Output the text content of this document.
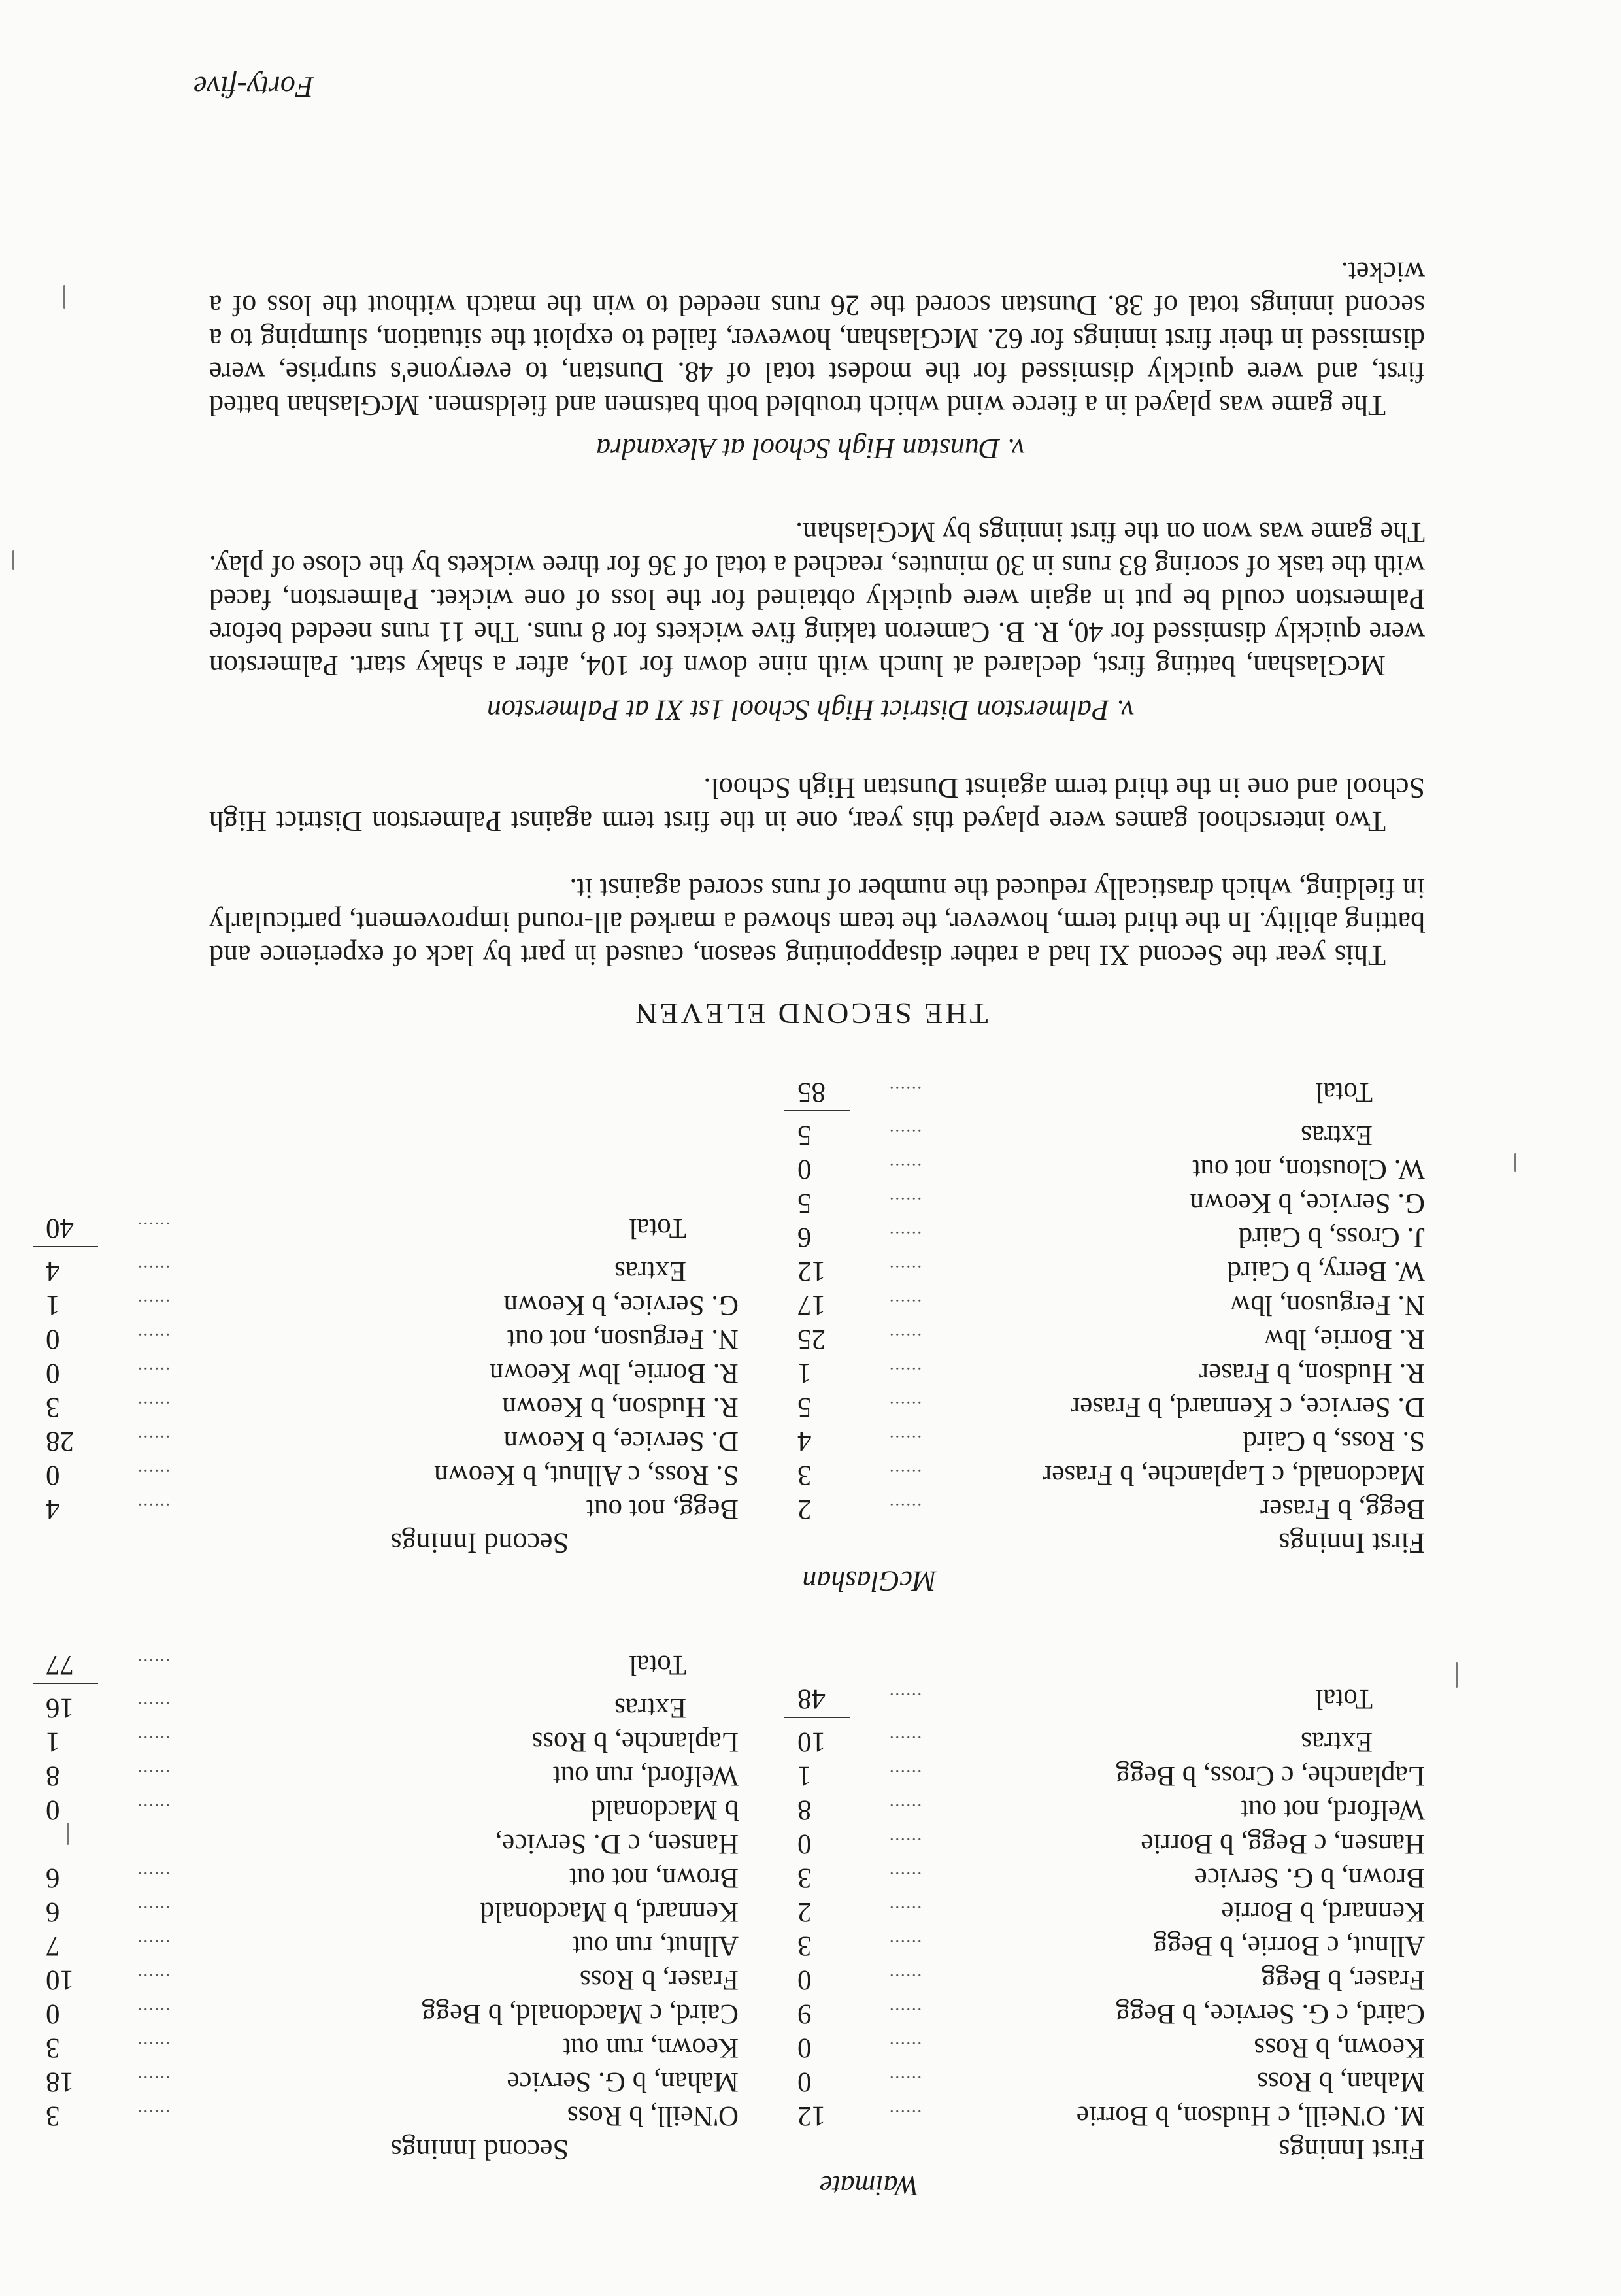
Waimate
First Innings
Second Innings
M. O'Neill, c Hudson, b Borrie
......
12
Mahan, b Ross
......
0
Keown, b Ross
......
0
Caird, c G. Service, b Begg
......
9
Fraser, b Begg
......
0
Allnut, c Borrie, b Begg
......
3
Kennard, b Borrie
......
2
Brown, b G. Service
......
3
Hansen, c Begg, b Borrie
......
0
Welford, not out
......
8
Laplanche, c Cross, b Begg
......
1
Extras
......
10
Total
......
48
O'Neill, b Ross
......
3
Mahan, b G. Service
......
18
Keown, run out
......
3
Caird, c Macdonald, b Begg
......
0
Fraser, b Ross
......
10
Allnut, run out
......
7
Kennard, b Macdonald
......
6
Brown, not out
......
6
Hansen, c D. Service,
b Macdonald
......
0
Welford, run out
......
8
Laplanche, b Ross
......
1
Extras
......
16
Total
......
77
McGlashan
First Innings
Second Innings
Begg, b Fraser
......
2
Macdonald, c Laplanche, b Fraser
......
3
S. Ross, b Caird
......
4
D. Service, c Kennard, b Fraser
......
5
R. Hudson, b Fraser
......
1
R. Borrie, lbw
......
25
N. Ferguson, lbw
......
17
W. Berry, b Caird
......
12
J. Cross, b Caird
......
6
G. Service, b Keown
......
5
W. Clouston, not out
......
0
Extras
......
5
Total
......
85
Begg, not out
......
4
S. Ross, c Allnut, b Keown
......
0
D. Service, b Keown
......
28
R. Hudson, b Keown
......
3
R. Borrie, lbw Keown
......
0
N. Ferguson, not out
......
0
G. Service, b Keown
......
1
Extras
......
4
Total
......
40
THE SECOND ELEVEN
This year the Second XI had a rather disappointing season, caused in part by lack of experience and batting ability. In the third term, however, the team showed a marked all-round improvement, particularly in fielding, which drastically reduced the number of runs scored against it.
Two interschool games were played this year, one in the first term against Palmerston District High School and one in the third term against Dunstan High School.
v. Palmerston District High School 1st XI at Palmerston
McGlashan, batting first, declared at lunch with nine down for 104, after a shaky start. Palmerston were quickly dismissed for 40, R. B. Cameron taking five wickets for 8 runs. The 11 runs needed before Palmerston could be put in again were quickly obtained for the loss of one wicket. Palmerston, faced with the task of scoring 83 runs in 30 minutes, reached a total of 36 for three wickets by the close of play. The game was won on the first innings by McGlashan.
v. Dunstan High School at Alexandra
The game was played in a fierce wind which troubled both batsmen and fieldsmen. McGlashan batted first, and were quickly dismissed for the modest total of 48. Dunstan, to everyone's surprise, were dismissed in their first innings for 62. McGlashan, however, failed to exploit the situation, slumping to a second innings total of 38. Dunstan scored the 26 runs needed to win the match without the loss of a wicket.
Forty-five
